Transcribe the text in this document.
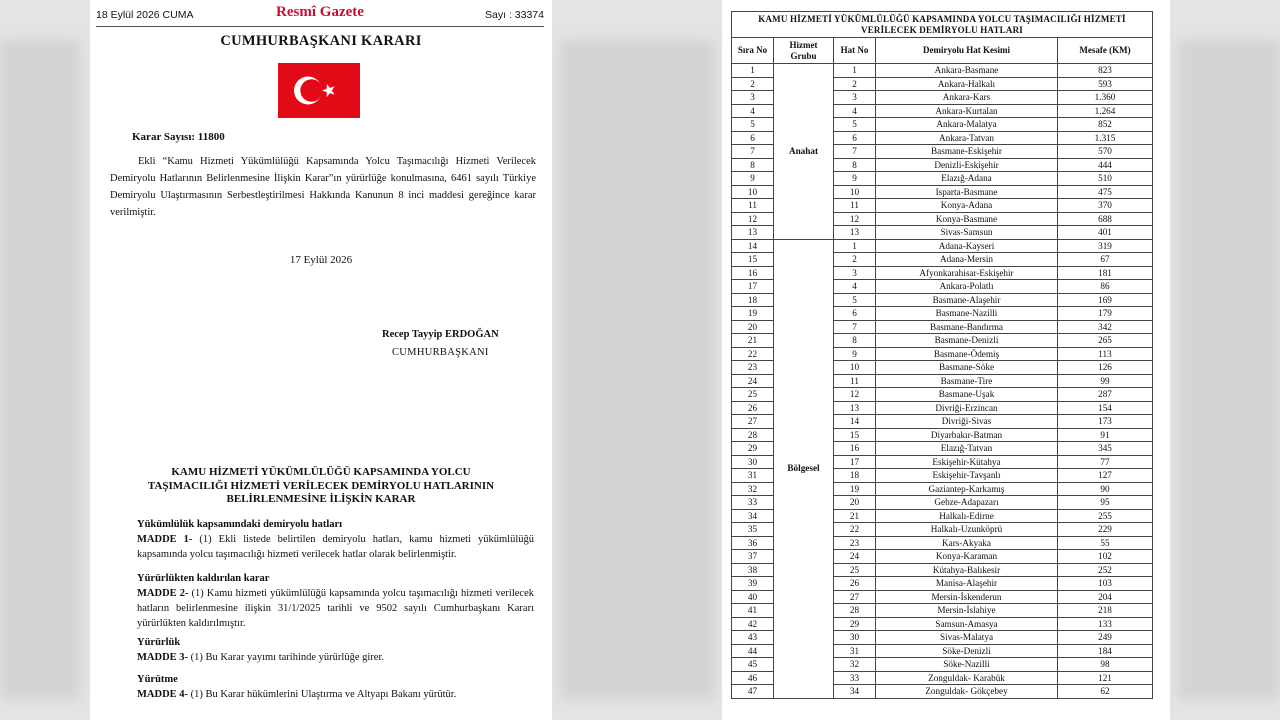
18 Eylül 2026 CUMA	Resmî Gazete	Sayı : 33374
CUMHURBAŞKANI KARARI
Karar Sayısı: 11800

Ekli “Kamu Hizmeti Yükümlülüğü Kapsamında Yolcu Taşımacılığı Hizmeti Verilecek Demiryolu Hatlarının Belirlenmesine İlişkin Karar”ın yürürlüğe konulmasına, 6461 sayılı Türkiye Demiryolu Ulaştırmasının Serbestleştirilmesi Hakkında Kanunun 8 inci maddesi gereğince karar verilmiştir.

17 Eylül 2026
Recep Tayyip ERDOĞAN
CUMHURBAŞKANI
KAMU HİZMETİ YÜKÜMLÜLÜĞÜ KAPSAMINDA YOLCU
TAŞIMACILIĞI HİZMETİ VERİLECEK DEMİRYOLU HATLARININ
BELİRLENMESİNE İLİŞKİN KARAR
Yükümlülük kapsamındaki demiryolu hatları

MADDE 1- (1) Ekli listede belirtilen demiryolu hatları, kamu hizmeti yükümlülüğü kapsamında yolcu taşımacılığı hizmeti verilecek hatlar olarak belirlenmiştir.

Yürürlükten kaldırılan karar

MADDE 2- (1) Kamu hizmeti yükümlülüğü kapsamında yolcu taşımacılığı hizmeti verilecek hatların belirlenmesine ilişkin 31/1/2025 tarihli ve 9502 sayılı Cumhurbaşkanı Kararı yürürlükten kaldırılmıştır.

Yürürlük

MADDE 3- (1) Bu Karar yayımı tarihinde yürürlüğe girer.

Yürütme

MADDE 4- (1) Bu Karar hükümlerini Ulaştırma ve Altyapı Bakanı yürütür.

KAMU HİZMETİ YÜKÜMLÜLÜĞÜ KAPSAMINDA YOLCU TAŞIMACILIĞI HİZMETİ VERİLECEK DEMİRYOLU HATLARI				
Sıra No	Hizmet Grubu	Hat No	Demiryolu Hat Kesimi	Mesafe (KM)
1	Anahat	1	Ankara-Basmane	823
2		2	Ankara-Halkalı	593
3		3	Ankara-Kars	1.360
4		4	Ankara-Kurtalan	1.264
5		5	Ankara-Malatya	852
6		6	Ankara-Tatvan	1.315
7		7	Basmane-Eskişehir	570
8		8	Denizli-Eskişehir	444
9		9	Elazığ-Adana	510
10		10	Isparta-Basmane	475
11		11	Konya-Adana	370
12		12	Konya-Basmane	688
13		13	Sivas-Samsun	401
14	Bölgesel	1	Adana-Kayseri	319
15		2	Adana-Mersin	67
16		3	Afyonkarahisar-Eskişehir	181
17		4	Ankara-Polatlı	86
18		5	Basmane-Alaşehir	169
19		6	Basmane-Nazilli	179
20		7	Basmane-Bandırma	342
21		8	Basmane-Denizli	265
22		9	Basmane-Ödemiş	113
23		10	Basmane-Söke	126
24		11	Basmane-Tire	99
25		12	Basmane-Uşak	287
26		13	Divriği-Erzincan	154
27		14	Divriği-Sivas	173
28		15	Diyarbakır-Batman	91
29		16	Elazığ-Tatvan	345
30		17	Eskişehir-Kütahya	77
31		18	Eskişehir-Tavşanlı	127
32		19	Gaziantep-Karkamış	90
33		20	Gebze-Adapazarı	95
34		21	Halkalı-Edirne	255
35		22	Halkalı-Uzunköprü	229
36		23	Kars-Akyaka	55
37		24	Konya-Karaman	102
38		25	Kütahya-Balıkesir	252
39		26	Manisa-Alaşehir	103
40		27	Mersin-İskenderun	204
41		28	Mersin-İslahiye	218
42		29	Samsun-Amasya	133
43		30	Sivas-Malatya	249
44		31	Söke-Denizli	184
45		32	Söke-Nazilli	98
46		33	Zonguldak- Karabük	121
47		34	Zonguldak- Gökçebey	62
